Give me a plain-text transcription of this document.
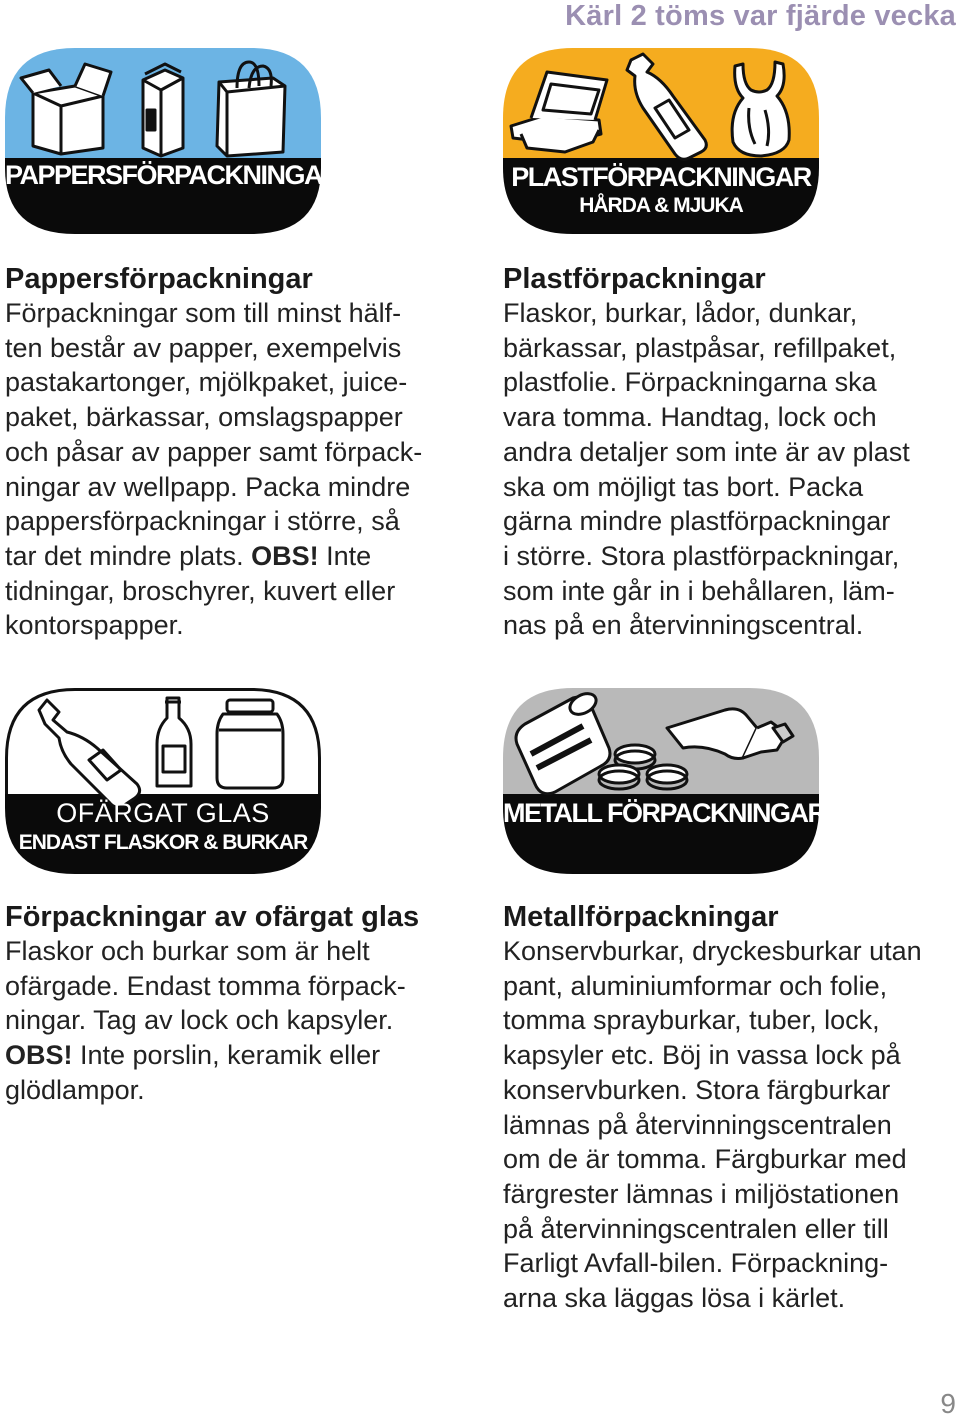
Kärl 2 töms var fjärde vecka
PAPPERSFÖRPACKNINGAR	PLASTFÖRPACKNINGAR
HÅRDA & MJUKA
Pappersförpackningar

Förpackningar som till minst hälf-
ten består av papper, exempelvis
pastakartonger, mjölkpaket, juice-
paket, bärkassar, omslagspapper
och påsar av papper samt förpack-
ningar av wellpapp. Packa mindre
pappersförpackningar i större, så
tar det mindre plats. OBS! Inte
tidningar, broschyrer, kuvert eller
kontorspapper.

Plastförpackningar

Flaskor, burkar, lådor, dunkar,
bärkassar, plastpåsar, refillpaket,
plastfolie. Förpackningarna ska
vara tomma. Handtag, lock och
andra detaljer som inte är av plast
ska om möjligt tas bort. Packa
gärna mindre plastförpackningar
i större. Stora plastförpackningar,
som inte går in i behållaren, läm-
nas på en återvinningscentral.

OFÄRGAT GLAS
ENDAST FLASKOR & BURKAR
METALL FÖRPACKNINGAR
Förpackningar av ofärgat glas

Flaskor och burkar som är helt
ofärgade. Endast tomma förpack-
ningar. Tag av lock och kapsyler.
OBS! Inte porslin, keramik eller
glödlampor.

Metallförpackningar

Konservburkar, dryckesburkar utan
pant, aluminiumformar och folie,
tomma sprayburkar, tuber, lock,
kapsyler etc. Böj in vassa lock på
konservburken. Stora färgburkar
lämnas på återvinningscentralen
om de är tomma. Färgburkar med
färgrester lämnas i miljöstationen
på återvinningscentralen eller till
Farligt Avfall-bilen. Förpackning-
arna ska läggas lösa i kärlet.

9
